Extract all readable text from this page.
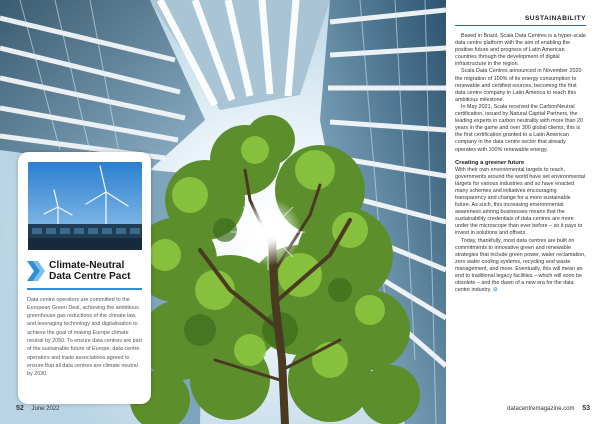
52 June 2022
Climate-Neutral
Data Centre Pact

Data centre operators are committed to the European Green Deal, achieving the ambitious greenhouse gas reductions of the climate law, and leveraging technology and digitalisation to achieve the goal of making Europe climate neutral by 2050. To ensure data centres are part of the sustainable future of Europe, data centre operators and trade associations agreed to ensure that all data centres are climate neutral by 2030.

SUSTAINABILITY

Based in Brazil, Scala Data Centres is a hyper-scale data centre platform with the aim of enabling the positive future and progress of Latin American countries through the development of digital infrastructure in the region.

Scala Data Centres announced in November 2020 the migration of 100% of its energy consumption to renewable and certified sources, becoming the first data centre company in Latin America to reach this ambitious milestone.

In May 2021, Scala received the CarbonNeutral certification, issued by Natural Capital Partners, the leading experts in carbon neutrality with more than 20 years in the game and over 300 global clients, this is the first certification granted to a Latin American company in the data centre sector that already operates with 100% renewable energy.

Creating a greener future

With their own environmental targets to reach, governments around the world have set environmental targets for various industries and so have enacted many schemes and initiatives encouraging transparency and change for a more sustainable future. As such, this increasing environmental awareness among businesses means that the sustainability credentials of data centres are more under the microscope than ever before – so it pays to invest in solutions and offsets.

Today, thankfully, most data centres are built on commitments to innovative green and renewable strategies that include green power, water reclamation, zero water cooling systems, recycling and waste management, and more. Eventually, this will mean an end to traditional legacy facilities – which will soon be obsolete – and the dawn of a new era for the data centre industry. ⊙

datacentremagazine.com 53
